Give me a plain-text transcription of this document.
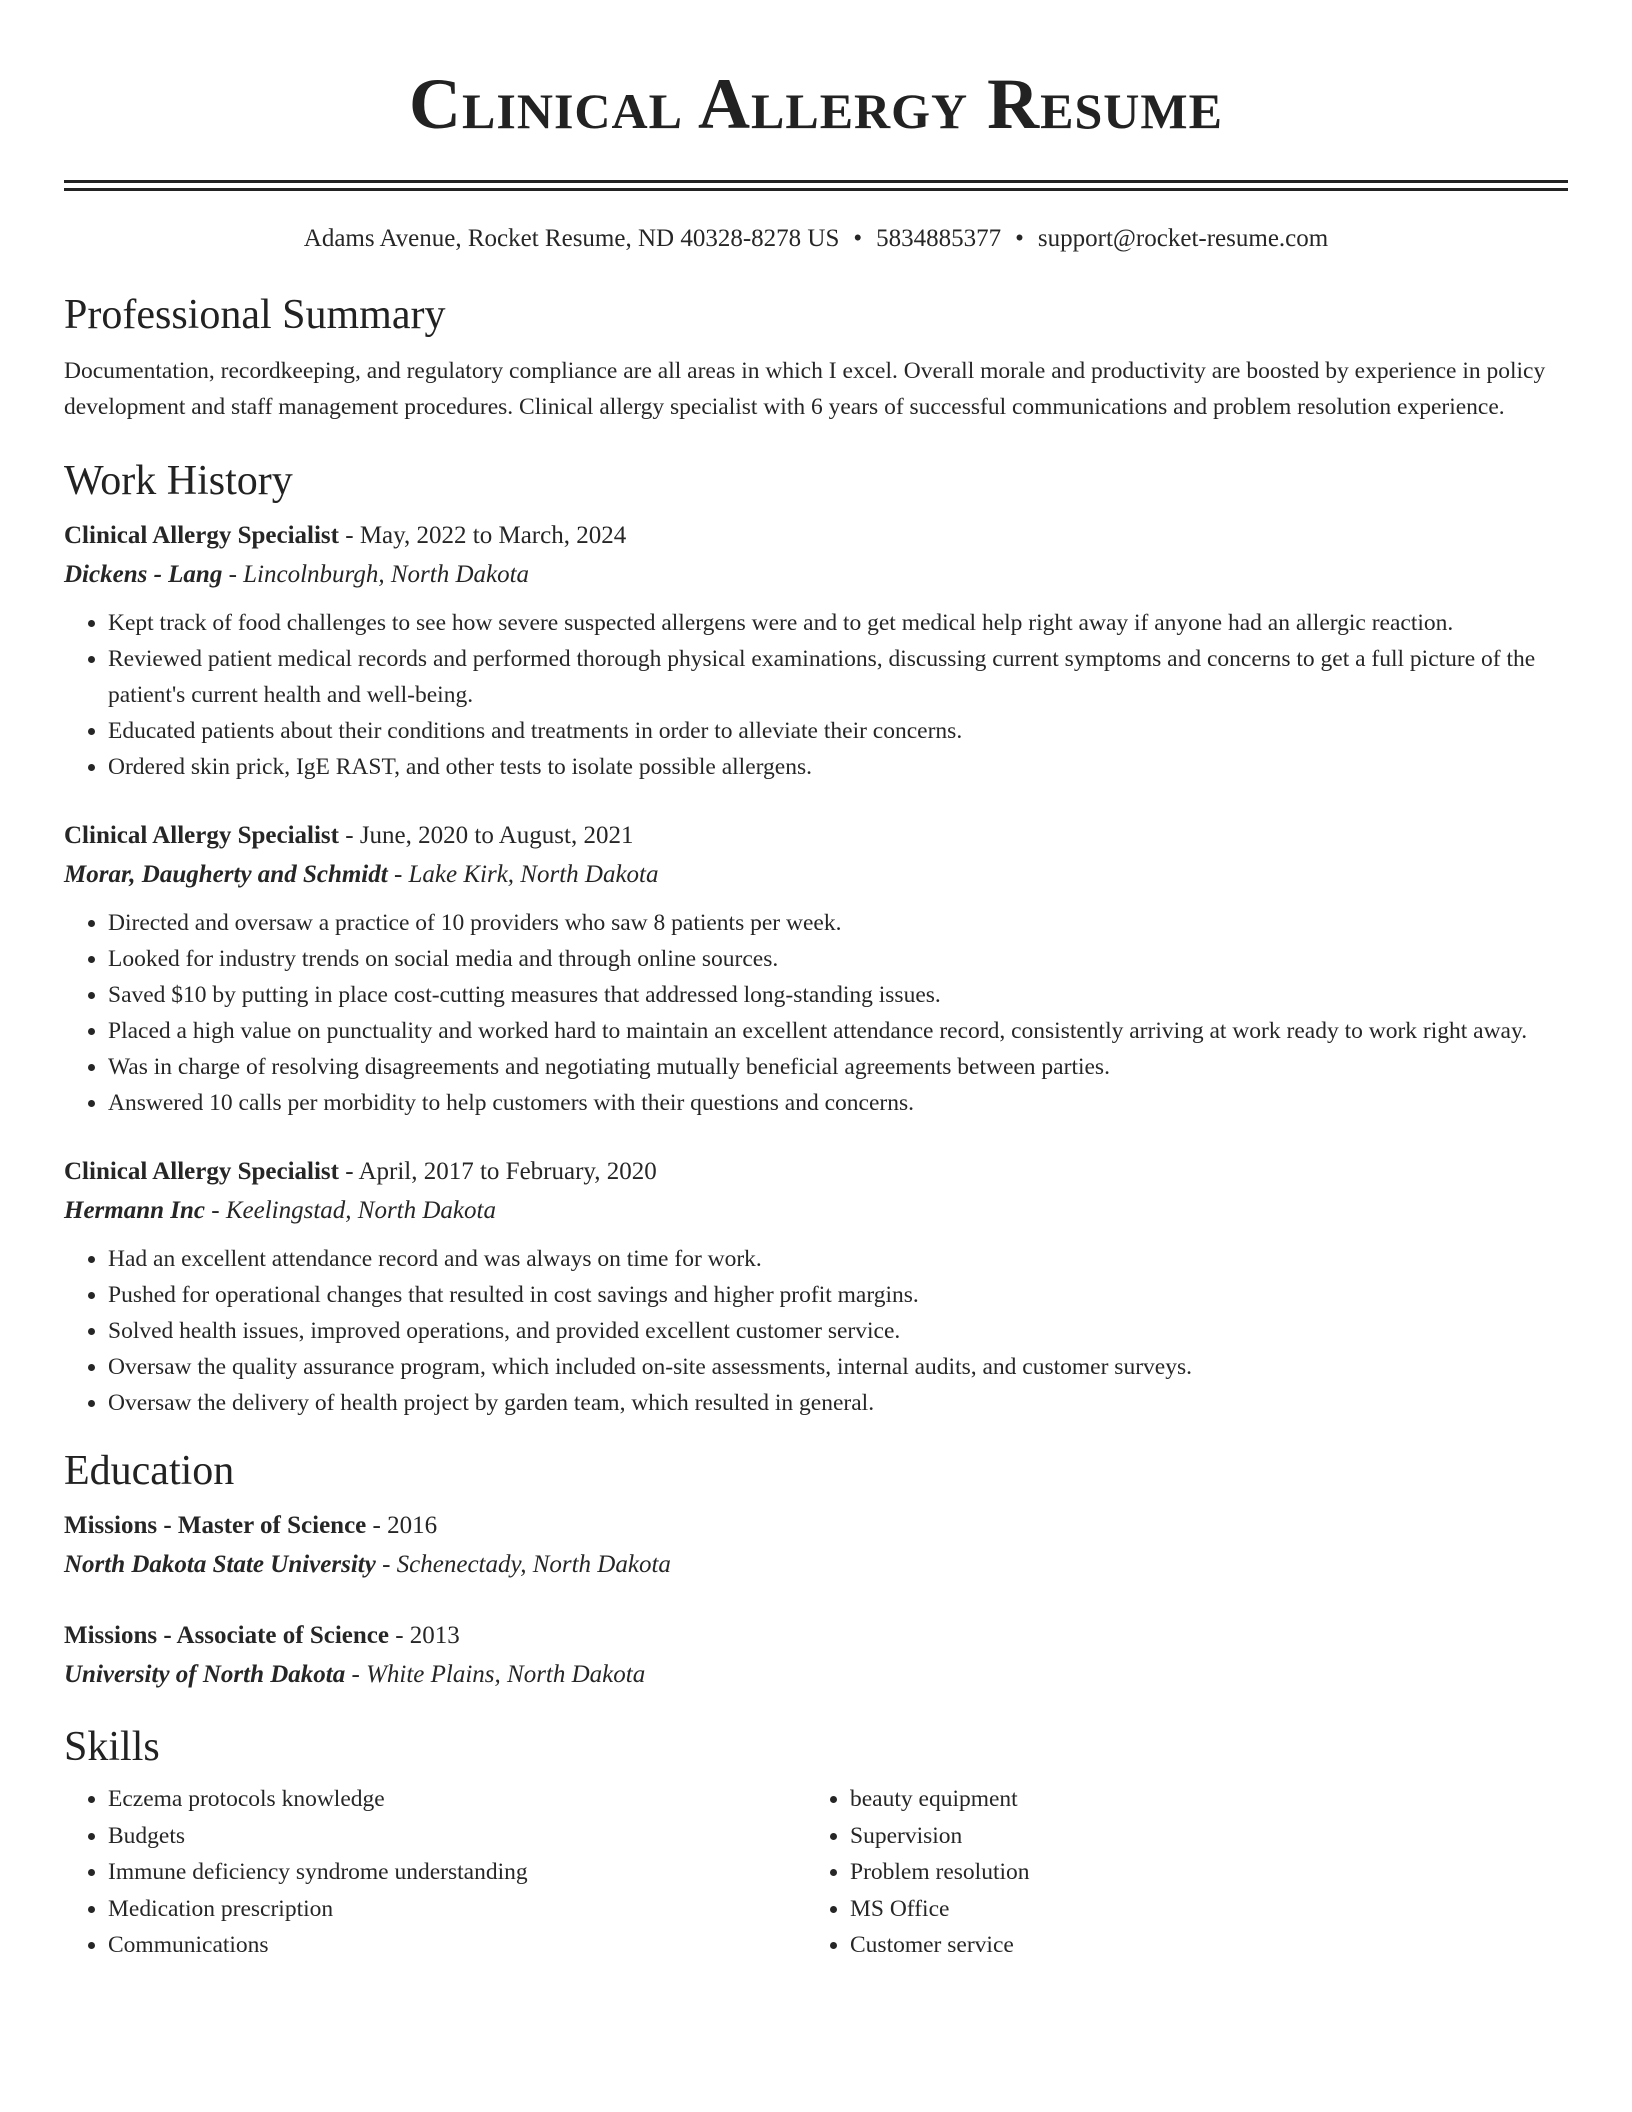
Clinical Allergy Resume
Adams Avenue, Rocket Resume, ND 40328-8278 US • 5834885377 • support@rocket-resume.com
Professional Summary

Documentation, recordkeeping, and regulatory compliance are all areas in which I excel. Overall morale and productivity are boosted by experience in policy development and staff management procedures. Clinical allergy specialist with 6 years of successful communications and problem resolution experience.

Work History

Clinical Allergy Specialist - May, 2022 to March, 2024

Dickens - Lang - Lincolnburgh, North Dakota

• Kept track of food challenges to see how severe suspected allergens were and to get medical help right away if anyone had an allergic reaction.
• Reviewed patient medical records and performed thorough physical examinations, discussing current symptoms and concerns to get a full picture of the patient's current health and well-being.
• Educated patients about their conditions and treatments in order to alleviate their concerns.
• Ordered skin prick, IgE RAST, and other tests to isolate possible allergens.

Clinical Allergy Specialist - June, 2020 to August, 2021

Morar, Daugherty and Schmidt - Lake Kirk, North Dakota

• Directed and oversaw a practice of 10 providers who saw 8 patients per week.
• Looked for industry trends on social media and through online sources.
• Saved $10 by putting in place cost-cutting measures that addressed long-standing issues.
• Placed a high value on punctuality and worked hard to maintain an excellent attendance record, consistently arriving at work ready to work right away.
• Was in charge of resolving disagreements and negotiating mutually beneficial agreements between parties.
• Answered 10 calls per morbidity to help customers with their questions and concerns.

Clinical Allergy Specialist - April, 2017 to February, 2020

Hermann Inc - Keelingstad, North Dakota

• Had an excellent attendance record and was always on time for work.
• Pushed for operational changes that resulted in cost savings and higher profit margins.
• Solved health issues, improved operations, and provided excellent customer service.
• Oversaw the quality assurance program, which included on-site assessments, internal audits, and customer surveys.
• Oversaw the delivery of health project by garden team, which resulted in general.
Education

Missions - Master of Science - 2016

North Dakota State University - Schenectady, North Dakota

Missions - Associate of Science - 2013

University of North Dakota - White Plains, North Dakota

Skills
• Eczema protocols knowledge
• Budgets
• Immune deficiency syndrome understanding
• Medication prescription
• Communications
• beauty equipment
• Supervision
• Problem resolution
• MS Office
• Customer service
